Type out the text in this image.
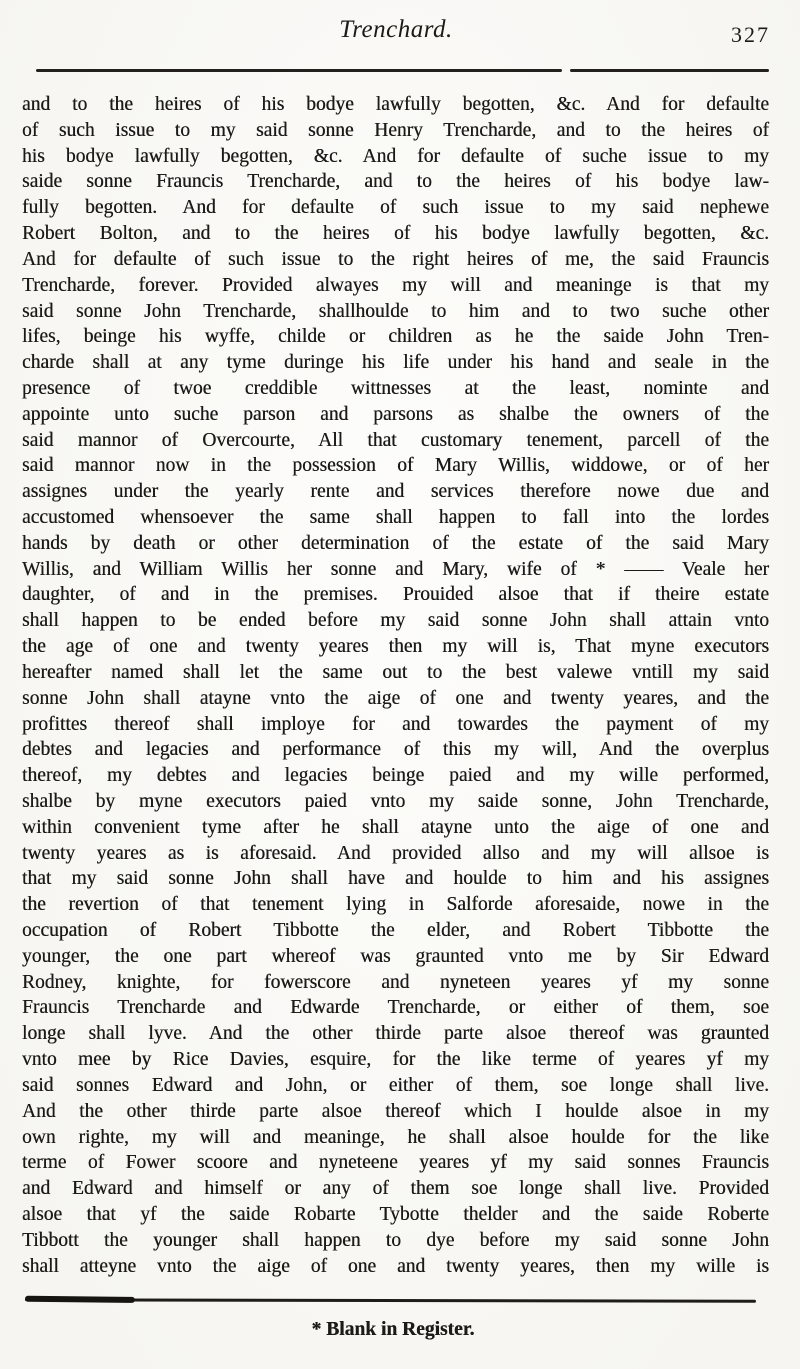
Trenchard.	327
and to the heires of his bodye lawfully begotten, &c. And for defaulte
of such issue to my said sonne Henry Trencharde, and to the heires of
his bodye lawfully begotten, &c. And for defaulte of suche issue to my
saide sonne Frauncis Trencharde, and to the heires of his bodye law-
fully begotten. And for defaulte of such issue to my said nephewe
Robert Bolton, and to the heires of his bodye lawfully begotten, &c.
And for defaulte of such issue to the right heires of me, the said Frauncis
Trencharde, forever. Provided alwayes my will and meaninge is that my
said sonne John Trencharde, shallhoulde to him and to two suche other
lifes, beinge his wyffe, childe or children as he the saide John Tren-
charde shall at any tyme duringe his life under his hand and seale in the
presence of twoe creddible wittnesses at the least, nominte and
appointe unto suche parson and parsons as shalbe the owners of the
said mannor of Overcourte, All that customary tenement, parcell of the
said mannor now in the possession of Mary Willis, widdowe, or of her
assignes under the yearly rente and services therefore nowe due and
accustomed whensoever the same shall happen to fall into the lordes
hands by death or other determination of the estate of the said Mary
Willis, and William Willis her sonne and Mary, wife of * —— Veale her
daughter, of and in the premises. Prouided alsoe that if theire estate
shall happen to be ended before my said sonne John shall attain vnto
the age of one and twenty yeares then my will is, That myne executors
hereafter named shall let the same out to the best valewe vntill my said
sonne John shall atayne vnto the aige of one and twenty yeares, and the
profittes thereof shall imploye for and towardes the payment of my
debtes and legacies and performance of this my will, And the overplus
thereof, my debtes and legacies beinge paied and my wille performed,
shalbe by myne executors paied vnto my saide sonne, John Trencharde,
within convenient tyme after he shall atayne unto the aige of one and
twenty yeares as is aforesaid. And provided allso and my will allsoe is
that my said sonne John shall have and houlde to him and his assignes
the revertion of that tenement lying in Salforde aforesaide, nowe in the
occupation of Robert Tibbotte the elder, and Robert Tibbotte the
younger, the one part whereof was graunted vnto me by Sir Edward
Rodney, knighte, for fowerscore and nyneteen yeares yf my sonne
Frauncis Trencharde and Edwarde Trencharde, or either of them, soe
longe shall lyve. And the other thirde parte alsoe thereof was graunted
vnto mee by Rice Davies, esquire, for the like terme of yeares yf my
said sonnes Edward and John, or either of them, soe longe shall live.
And the other thirde parte alsoe thereof which I houlde alsoe in my
own righte, my will and meaninge, he shall alsoe houlde for the like
terme of Fower scoore and nyneteene yeares yf my said sonnes Frauncis
and Edward and himself or any of them soe longe shall live. Provided
alsoe that yf the saide Robarte Tybotte thelder and the saide Roberte
Tibbott the younger shall happen to dye before my said sonne John
shall atteyne vnto the aige of one and twenty yeares, then my wille is
* Blank in Register.
